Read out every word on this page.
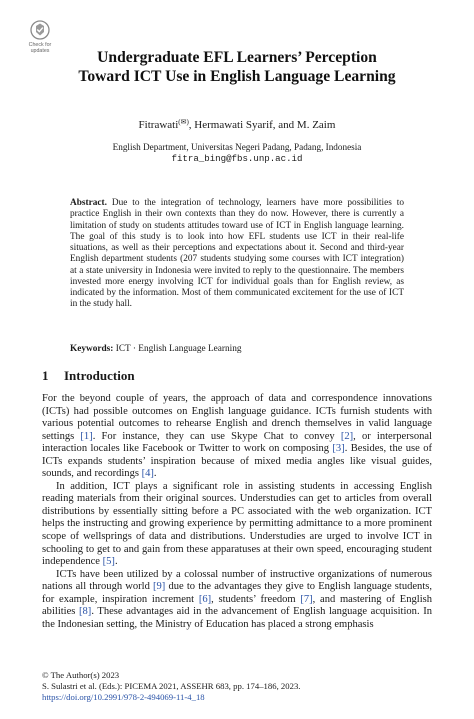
Check for
updates	Undergraduate EFL Learners’ Perception
Toward ICT Use in English Language Learning
Fitrawati(✉), Hermawati Syarif, and M. Zaim
English Department, Universitas Negeri Padang, Padang, Indonesia
fitra_bing@fbs.unp.ac.id
Abstract. Due to the integration of technology, learners have more possibilities to practice English in their own contexts than they do now. However, there is currently a limitation of study on students attitudes toward use of ICT in English language learning. The goal of this study is to look into how EFL students use ICT in their real-life situations, as well as their perceptions and expectations about it. Second and third-year English department students (207 students studying some courses with ICT integration) at a state university in Indonesia were invited to reply to the questionnaire. The members invested more energy involving ICT for individual goals than for English review, as indicated by the information. Most of them communicated excitement for the use of ICT in the study hall.
Keywords: ICT · English Language Learning
1 Introduction

For the beyond couple of years, the approach of data and correspondence innovations (ICTs) had possible outcomes on English language guidance. ICTs furnish students with various potential outcomes to rehearse English and drench themselves in valid language settings [1]. For instance, they can use Skype Chat to convey [2], or interpersonal interaction locales like Facebook or Twitter to work on composing [3]. Besides, the use of ICTs expands students’ inspiration because of mixed media angles like visual guides, sounds, and recordings [4].

In addition, ICT plays a significant role in assisting students in accessing English reading materials from their original sources. Understudies can get to articles from overall distributions by essentially sitting before a PC associated with the web organization. ICT helps the instructing and growing experience by permitting admittance to a more prominent scope of wellsprings of data and distributions. Understudies are urged to involve ICT in schooling to get to and gain from these apparatuses at their own speed, encouraging student independence [5].

ICTs have been utilized by a colossal number of instructive organizations of numerous nations all through world [9] due to the advantages they give to English language students, for example, inspiration increment [6], students’ freedom [7], and mastering of English abilities [8]. These advantages aid in the advancement of English language acquisition. In the Indonesian setting, the Ministry of Education has placed a strong emphasis

© The Author(s) 2023
S. Sulastri et al. (Eds.): PICEMA 2021, ASSEHR 683, pp. 174–186, 2023.
https://doi.org/10.2991/978-2-494069-11-4_18
